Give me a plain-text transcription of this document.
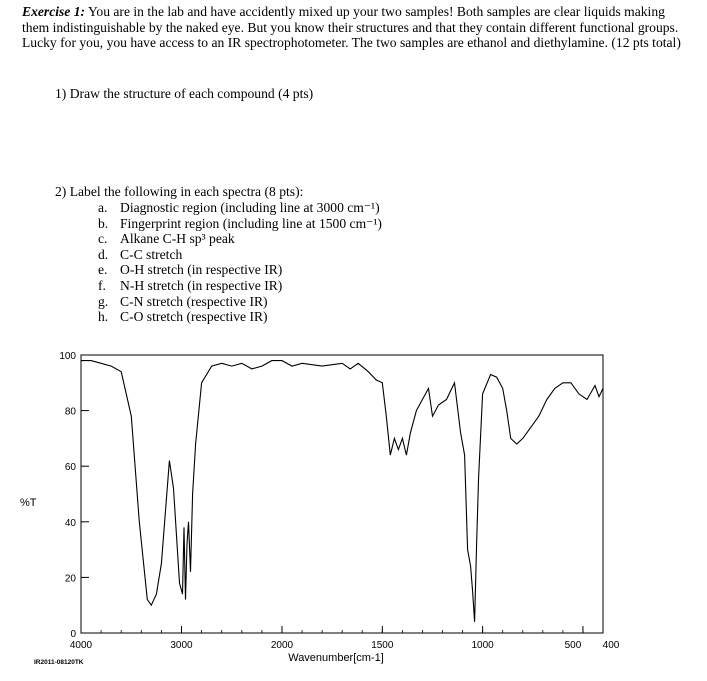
Exercise 1: You are in the lab and have accidently mixed up your two samples! Both samples are clear liquids making them indistinguishable by the naked eye. But you know their structures and that they contain different functional groups. Lucky for you, you have access to an IR spectrophotometer. The two samples are ethanol and diethylamine. (12 pts total)
1) Draw the structure of each compound (4 pts)
2) Label the following in each spectra (8 pts):
a. Diagnostic region (including line at 3000 cm⁻¹)
b. Fingerprint region (including line at 1500 cm⁻¹)
c. Alkane C-H sp³ peak
d. C-C stretch
e. O-H stretch (in respective IR)
f.	N-H stretch (in respective IR)
g. C-N stretch (respective IR)
h. C-O stretch (respective IR)
0
20
40
60
80
100
4000	3000	2000	1500	1000	500 400
%T
Wavenumber[cm-1]
IR2011-08120TK
